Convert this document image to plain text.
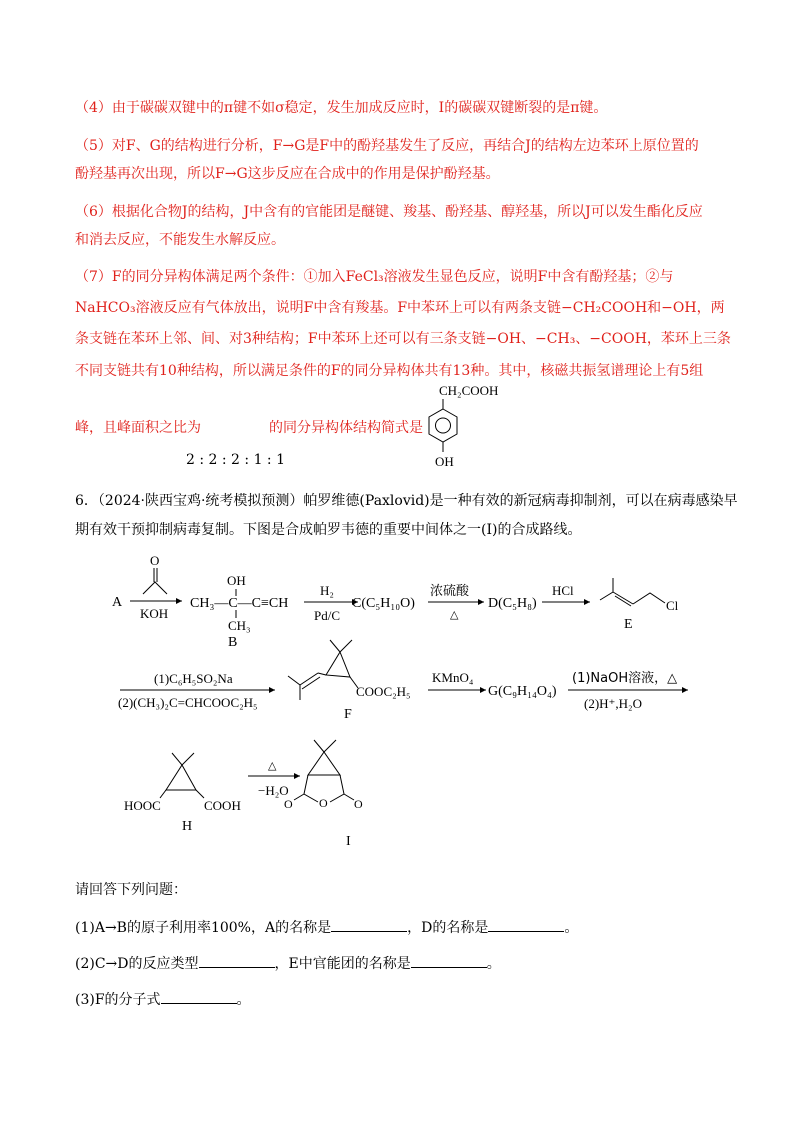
（4）由于碳碳双键中的π键不如σ稳定，发生加成反应时，I的碳碳双键断裂的是π键。
（5）对F、G的结构进行分析，F→G是F中的酚羟基发生了反应，再结合J的结构左边苯环上原位置的
酚羟基再次出现，所以F→G这步反应在合成中的作用是保护酚羟基。
（6）根据化合物J的结构，J中含有的官能团是醚键、羧基、酚羟基、醇羟基，所以J可以发生酯化反应
和消去反应，不能发生水解反应。
（7）F的同分异构体满足两个条件：①加入FeCl₃溶液发生显色反应，说明F中含有酚羟基；②与
NaHCO₃溶液反应有气体放出，说明F中含有羧基。F中苯环上可以有两条支链−CH₂COOH和−OH，两
条支链在苯环上邻、间、对3种结构；F中苯环上还可以有三条支链−OH、−CH₃、−COOH，苯环上三条
不同支链共有10种结构，所以满足条件的F的同分异构体共有13种。其中，核磁共振氢谱理论上有5组
峰，且峰面积之比为	的同分异构体结构简式是
2 : 2 : 2 : 1 : 1
CH₂COOH
OH
6．（2024·陕西宝鸡·统考模拟预测）帕罗维德(Paxlovid)是一种有效的新冠病毒抑制剂，可以在病毒感染早
期有效干预抑制病毒复制。下图是合成帕罗韦德的重要中间体之一(I)的合成路线。
A
O
KOH
OH
CH₃—C—C≡CH
CH₃
B
H₂
Pd/C
C(C₅H₁₀O)
浓硫酸
△
D(C₅H₈)
HCl
Cl
E
(1)C₆H₅SO₂Na
(2)(CH₃)₂C=CHCOOC₂H₅
COOC₂H₅
F
KMnO₄
G(C₉H₁₄O₄)
(1)NaOH溶液，△
(2)H⁺,H₂O
HOOC	COOH
H
△
−H₂O
O
O	O
I
请回答下列问题：
(1)A→B的原子利用率100%，A的名称是	，D的名称是	。
(2)C→D的反应类型	，E中官能团的名称是	。
(3)F的分子式	。
